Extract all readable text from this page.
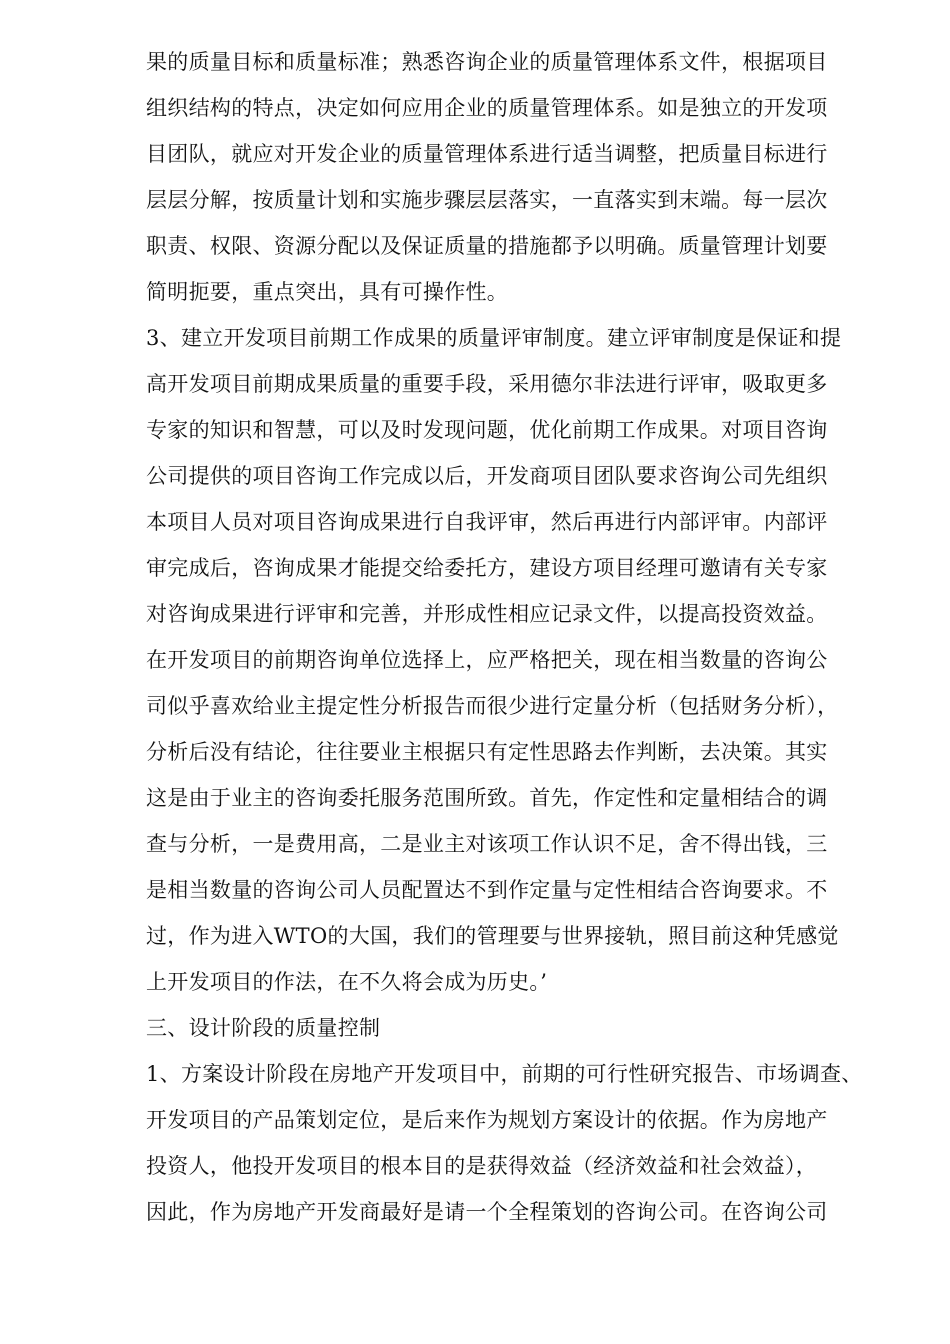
果的质量目标和质量标准；熟悉咨询企业的质量管理体系文件，根据项目
组织结构的特点，决定如何应用企业的质量管理体系。如是独立的开发项
目团队，就应对开发企业的质量管理体系进行适当调整，把质量目标进行
层层分解，按质量计划和实施步骤层层落实，一直落实到末端。每一层次
职责、权限、资源分配以及保证质量的措施都予以明确。质量管理计划要
简明扼要，重点突出，具有可操作性。
3、建立开发项目前期工作成果的质量评审制度。建立评审制度是保证和提
高开发项目前期成果质量的重要手段，采用德尔非法进行评审，吸取更多
专家的知识和智慧，可以及时发现问题，优化前期工作成果。对项目咨询
公司提供的项目咨询工作完成以后，开发商项目团队要求咨询公司先组织
本项目人员对项目咨询成果进行自我评审，然后再进行内部评审。内部评
审完成后，咨询成果才能提交给委托方，建设方项目经理可邀请有关专家
对咨询成果进行评审和完善，并形成性相应记录文件，以提高投资效益。
在开发项目的前期咨询单位选择上，应严格把关，现在相当数量的咨询公
司似乎喜欢给业主提定性分析报告而很少进行定量分析（包括财务分析），
分析后没有结论，往往要业主根据只有定性思路去作判断，去决策。其实
这是由于业主的咨询委托服务范围所致。首先，作定性和定量相结合的调
查与分析，一是费用高，二是业主对该项工作认识不足，舍不得出钱，三
是相当数量的咨询公司人员配置达不到作定量与定性相结合咨询要求。不
过，作为进入WTO的大国，我们的管理要与世界接轨，照目前这种凭感觉
上开发项目的作法，在不久将会成为历史。’
三、设计阶段的质量控制
1、方案设计阶段在房地产开发项目中，前期的可行性研究报告、市场调查、
开发项目的产品策划定位，是后来作为规划方案设计的依据。作为房地产
投资人，他投开发项目的根本目的是获得效益（经济效益和社会效益），
因此，作为房地产开发商最好是请一个全程策划的咨询公司。在咨询公司
